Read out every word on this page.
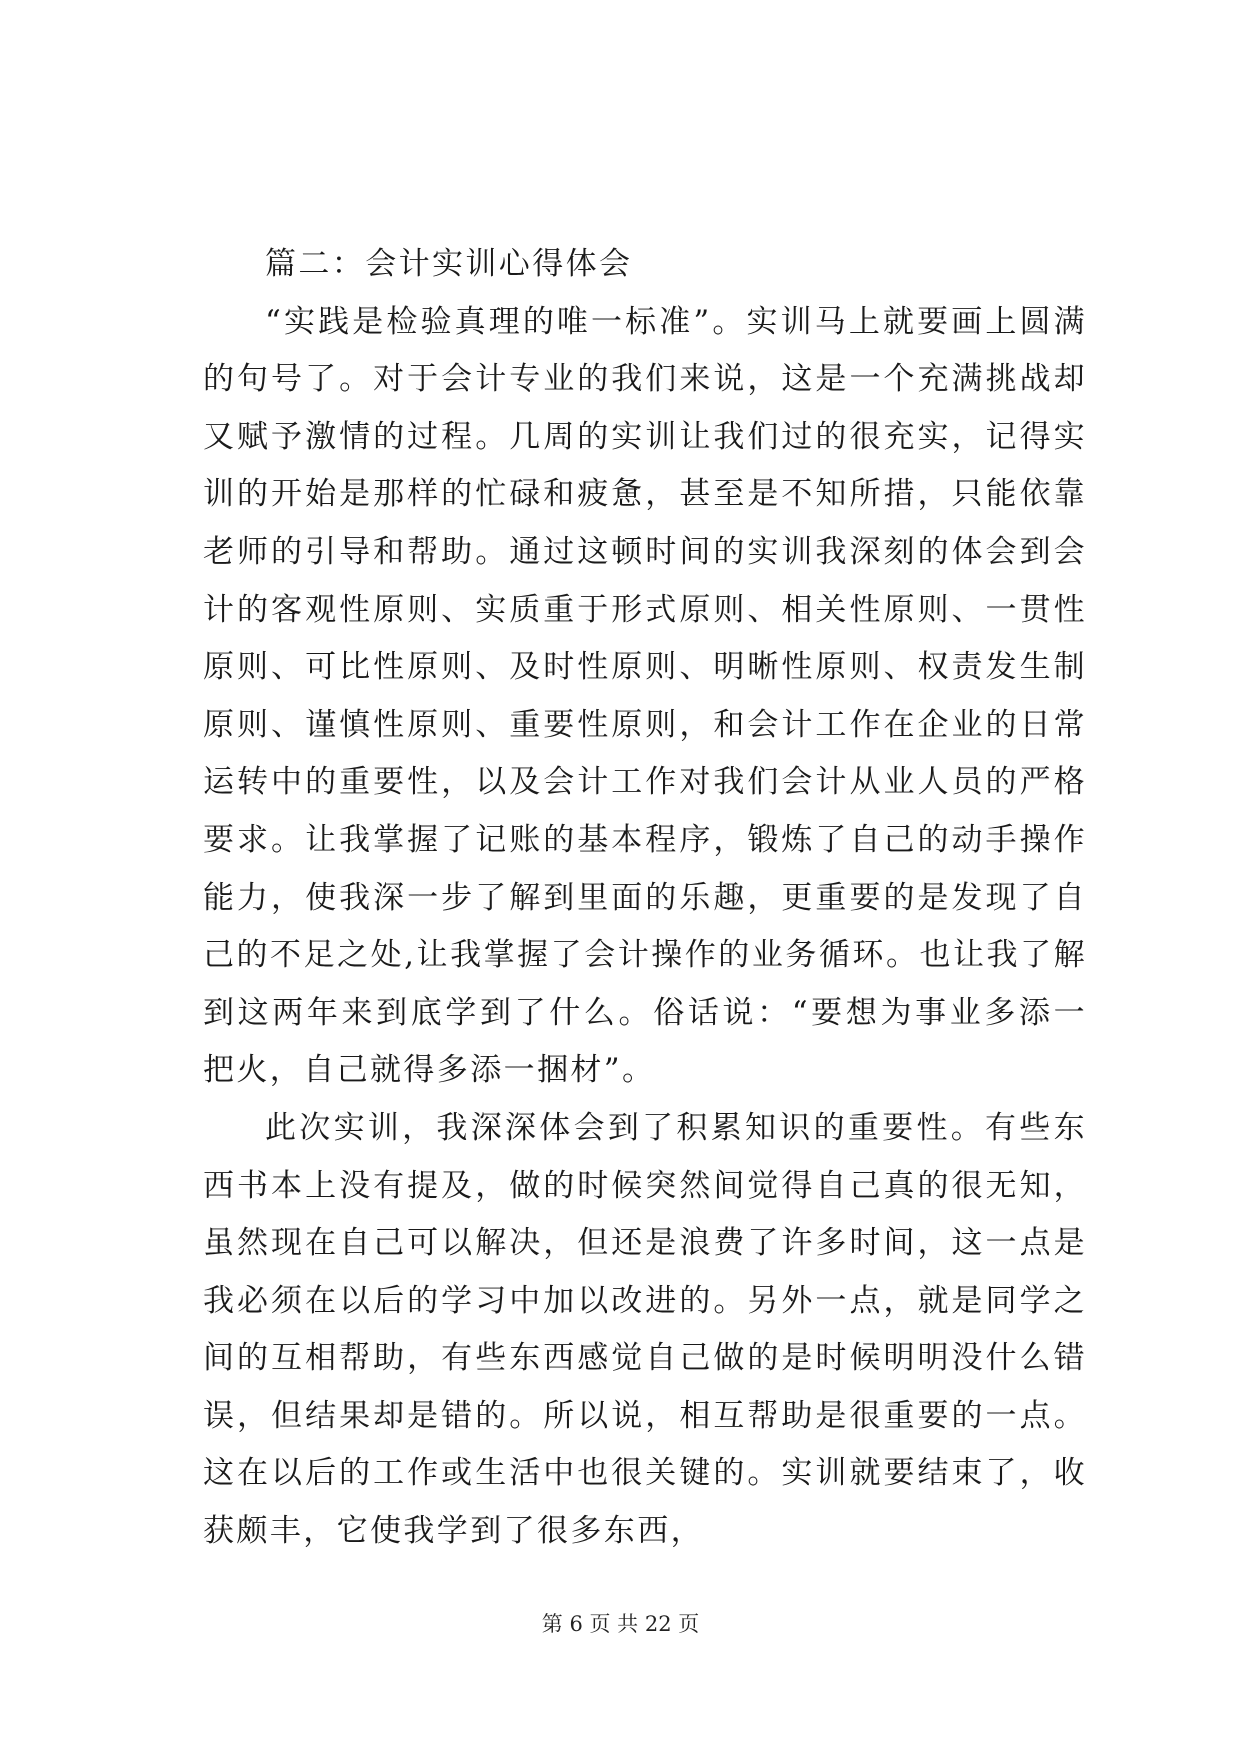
篇二：会计实训心得体会

“实践是检验真理的唯一标准”。实训马上就要画上圆满的句号了。对于会计专业的我们来说，这是一个充满挑战却又赋予激情的过程。几周的实训让我们过的很充实，记得实训的开始是那样的忙碌和疲惫，甚至是不知所措，只能依靠老师的引导和帮助。通过这顿时间的实训我深刻的体会到会计的客观性原则、实质重于形式原则、相关性原则、一贯性原则、可比性原则、及时性原则、明晰性原则、权责发生制原则、谨慎性原则、重要性原则，和会计工作在企业的日常运转中的重要性，以及会计工作对我们会计从业人员的严格要求。让我掌握了记账的基本程序，锻炼了自己的动手操作能力，使我深一步了解到里面的乐趣，更重要的是发现了自己的不足之处,让我掌握了会计操作的业务循环。也让我了解到这两年来到底学到了什么。俗话说：“要想为事业多添一把火，自己就得多添一捆材”。

此次实训，我深深体会到了积累知识的重要性。有些东西书本上没有提及，做的时候突然间觉得自己真的很无知，虽然现在自己可以解决，但还是浪费了许多时间，这一点是我必须在以后的学习中加以改进的。另外一点，就是同学之间的互相帮助，有些东西感觉自己做的是时候明明没什么错误，但结果却是错的。所以说，相互帮助是很重要的一点。这在以后的工作或生活中也很关键的。实训就要结束了，收获颇丰，它使我学到了很多东西，

第 6 页 共 22 页
